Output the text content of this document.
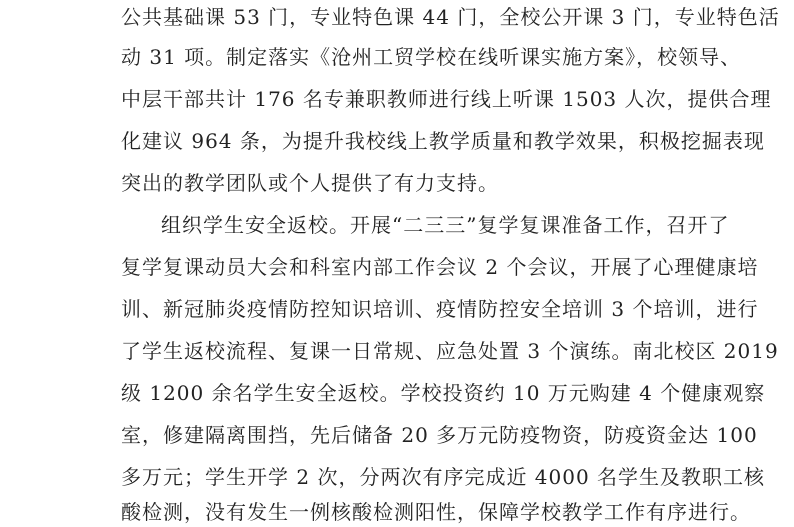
公共基础课 53 门，专业特色课 44 门，全校公开课 3 门，专业特色活
动 31 项。制定落实《沧州工贸学校在线听课实施方案》，校领导、
中层干部共计 176 名专兼职教师进行线上听课 1503 人次，提供合理
化建议 964 条，为提升我校线上教学质量和教学效果，积极挖掘表现
突出的教学团队或个人提供了有力支持。
组织学生安全返校。开展“二三三”复学复课准备工作，召开了
复学复课动员大会和科室内部工作会议 2 个会议，开展了心理健康培
训、新冠肺炎疫情防控知识培训、疫情防控安全培训 3 个培训，进行
了学生返校流程、复课一日常规、应急处置 3 个演练。南北校区 2019
级 1200 余名学生安全返校。学校投资约 10 万元购建 4 个健康观察
室，修建隔离围挡，先后储备 20 多万元防疫物资，防疫资金达 100
多万元；学生开学 2 次，分两次有序完成近 4000 名学生及教职工核
酸检测，没有发生一例核酸检测阳性，保障学校教学工作有序进行。
